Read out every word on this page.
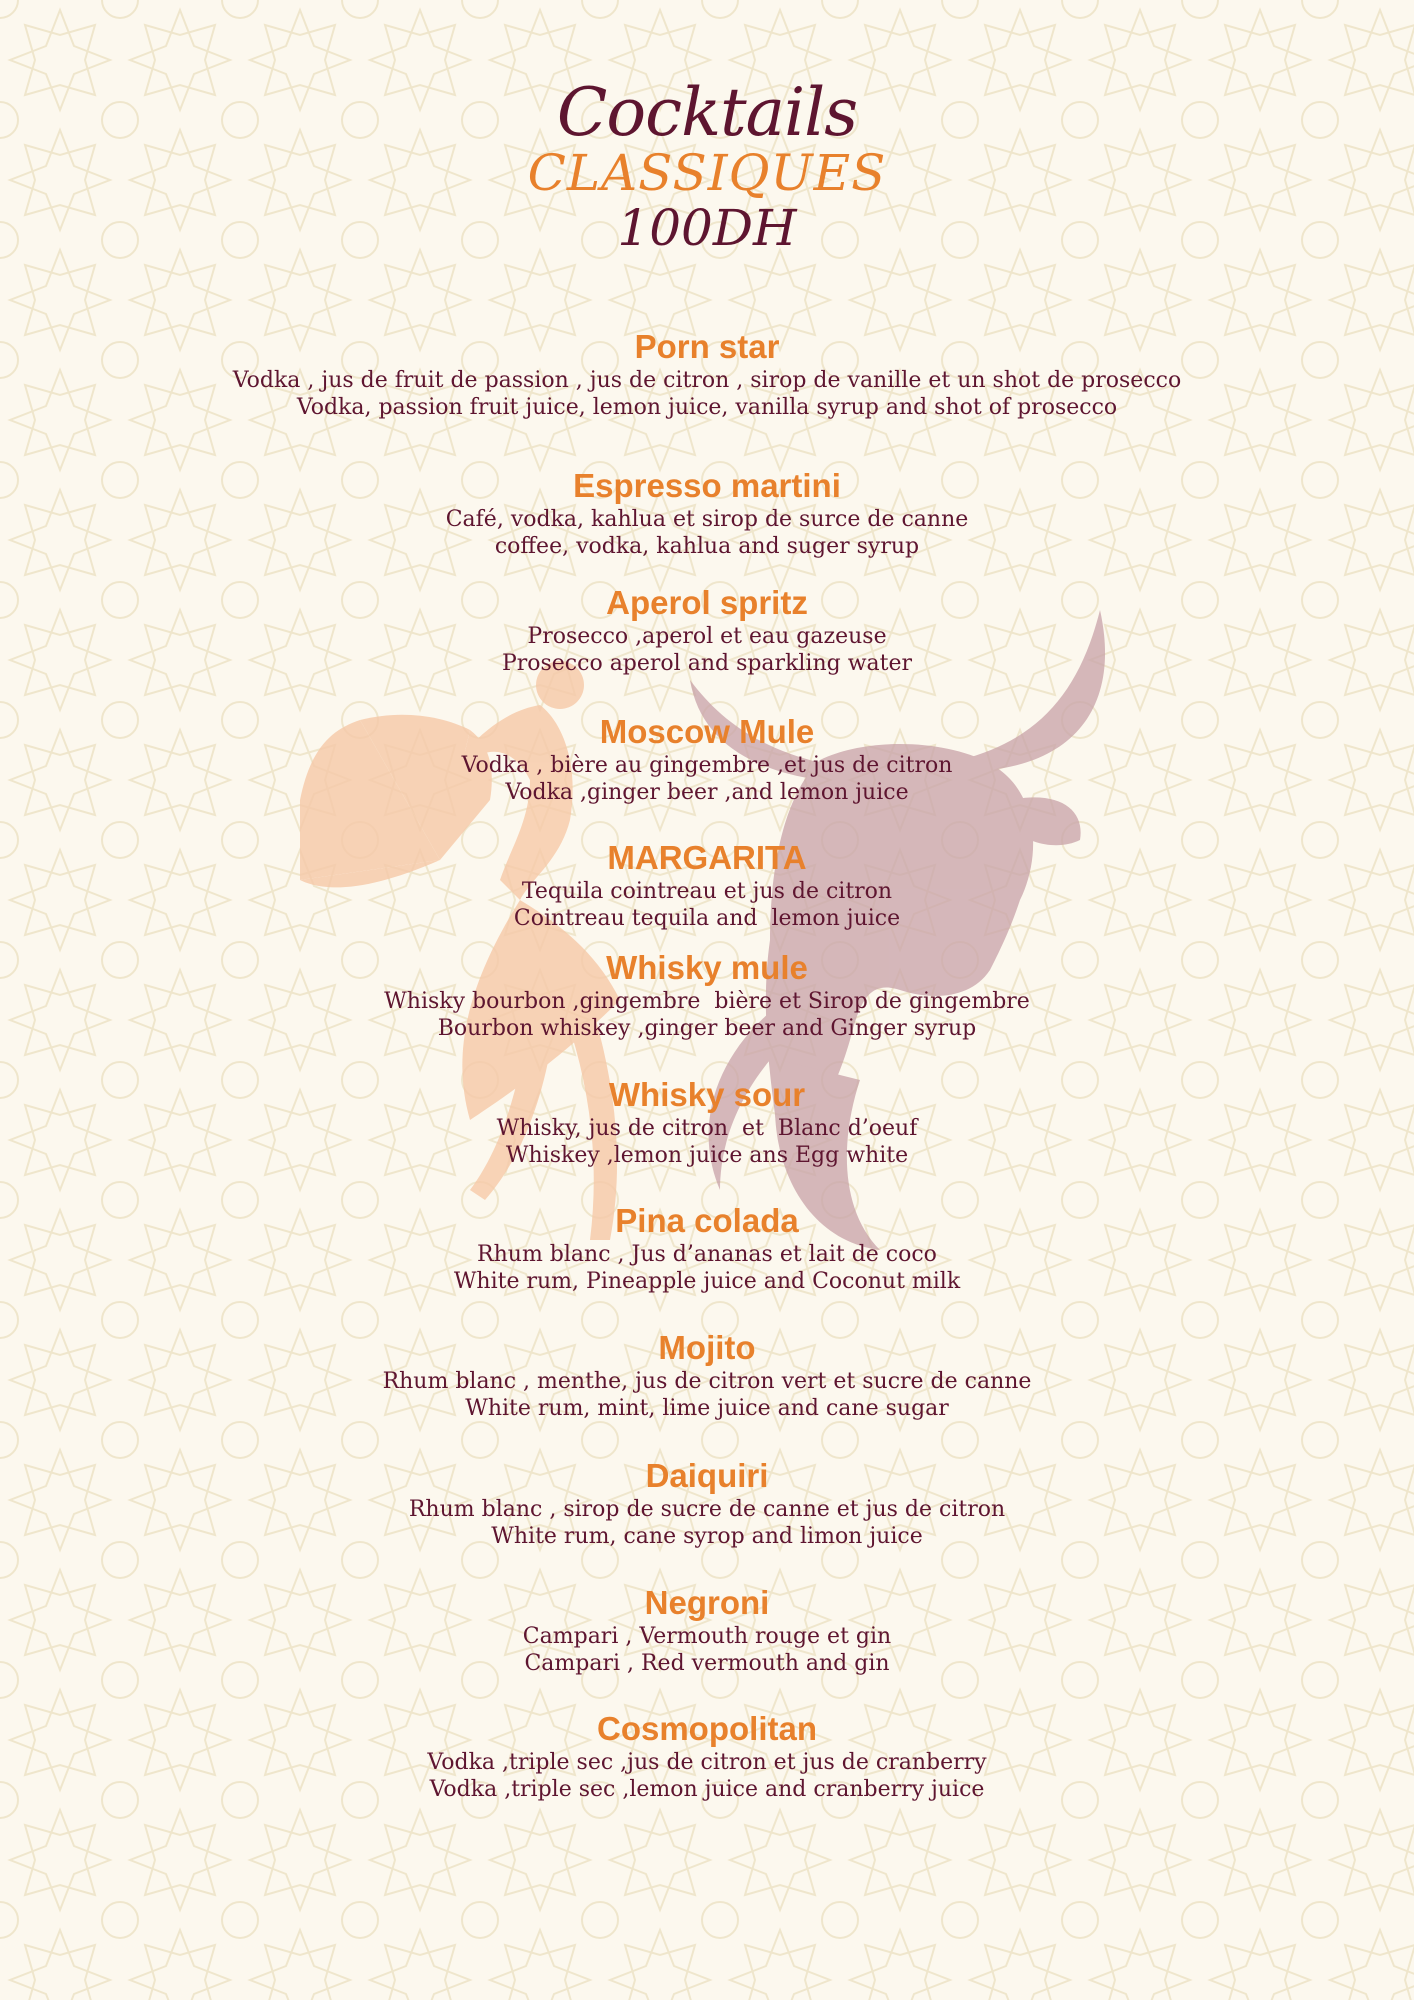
Cocktails
CLASSIQUES
100DH
Porn star
Vodka , jus de fruit de passion , jus de citron , sirop de vanille et un shot de prosecco
Vodka, passion fruit juice, lemon juice, vanilla syrup and shot of prosecco
Espresso martini
Café, vodka, kahlua et sirop de surce de canne
coffee, vodka, kahlua and suger syrup
Aperol spritz
Prosecco ,aperol et eau gazeuse
Prosecco aperol and sparkling water
Moscow Mule
Vodka , bière au gingembre ,et jus de citron
Vodka ,ginger beer ,and lemon juice
MARGARITA
Tequila cointreau et jus de citron
Cointreau tequila and  lemon juice
Whisky mule
Whisky bourbon ,gingembre  bière et Sirop de gingembre
Bourbon whiskey ,ginger beer and Ginger syrup
Whisky sour
Whisky, jus de citron  et  Blanc d’oeuf
Whiskey ,lemon juice ans Egg white
Pina colada
Rhum blanc , Jus d’ananas et lait de coco
White rum, Pineapple juice and Coconut milk
Mojito
Rhum blanc , menthe, jus de citron vert et sucre de canne
White rum, mint, lime juice and cane sugar
Daiquiri
Rhum blanc , sirop de sucre de canne et jus de citron
White rum, cane syrop and limon juice
Negroni
Campari , Vermouth rouge et gin
Campari , Red vermouth and gin
Cosmopolitan
Vodka ,triple sec ,jus de citron et jus de cranberry
Vodka ,triple sec ,lemon juice and cranberry juice
